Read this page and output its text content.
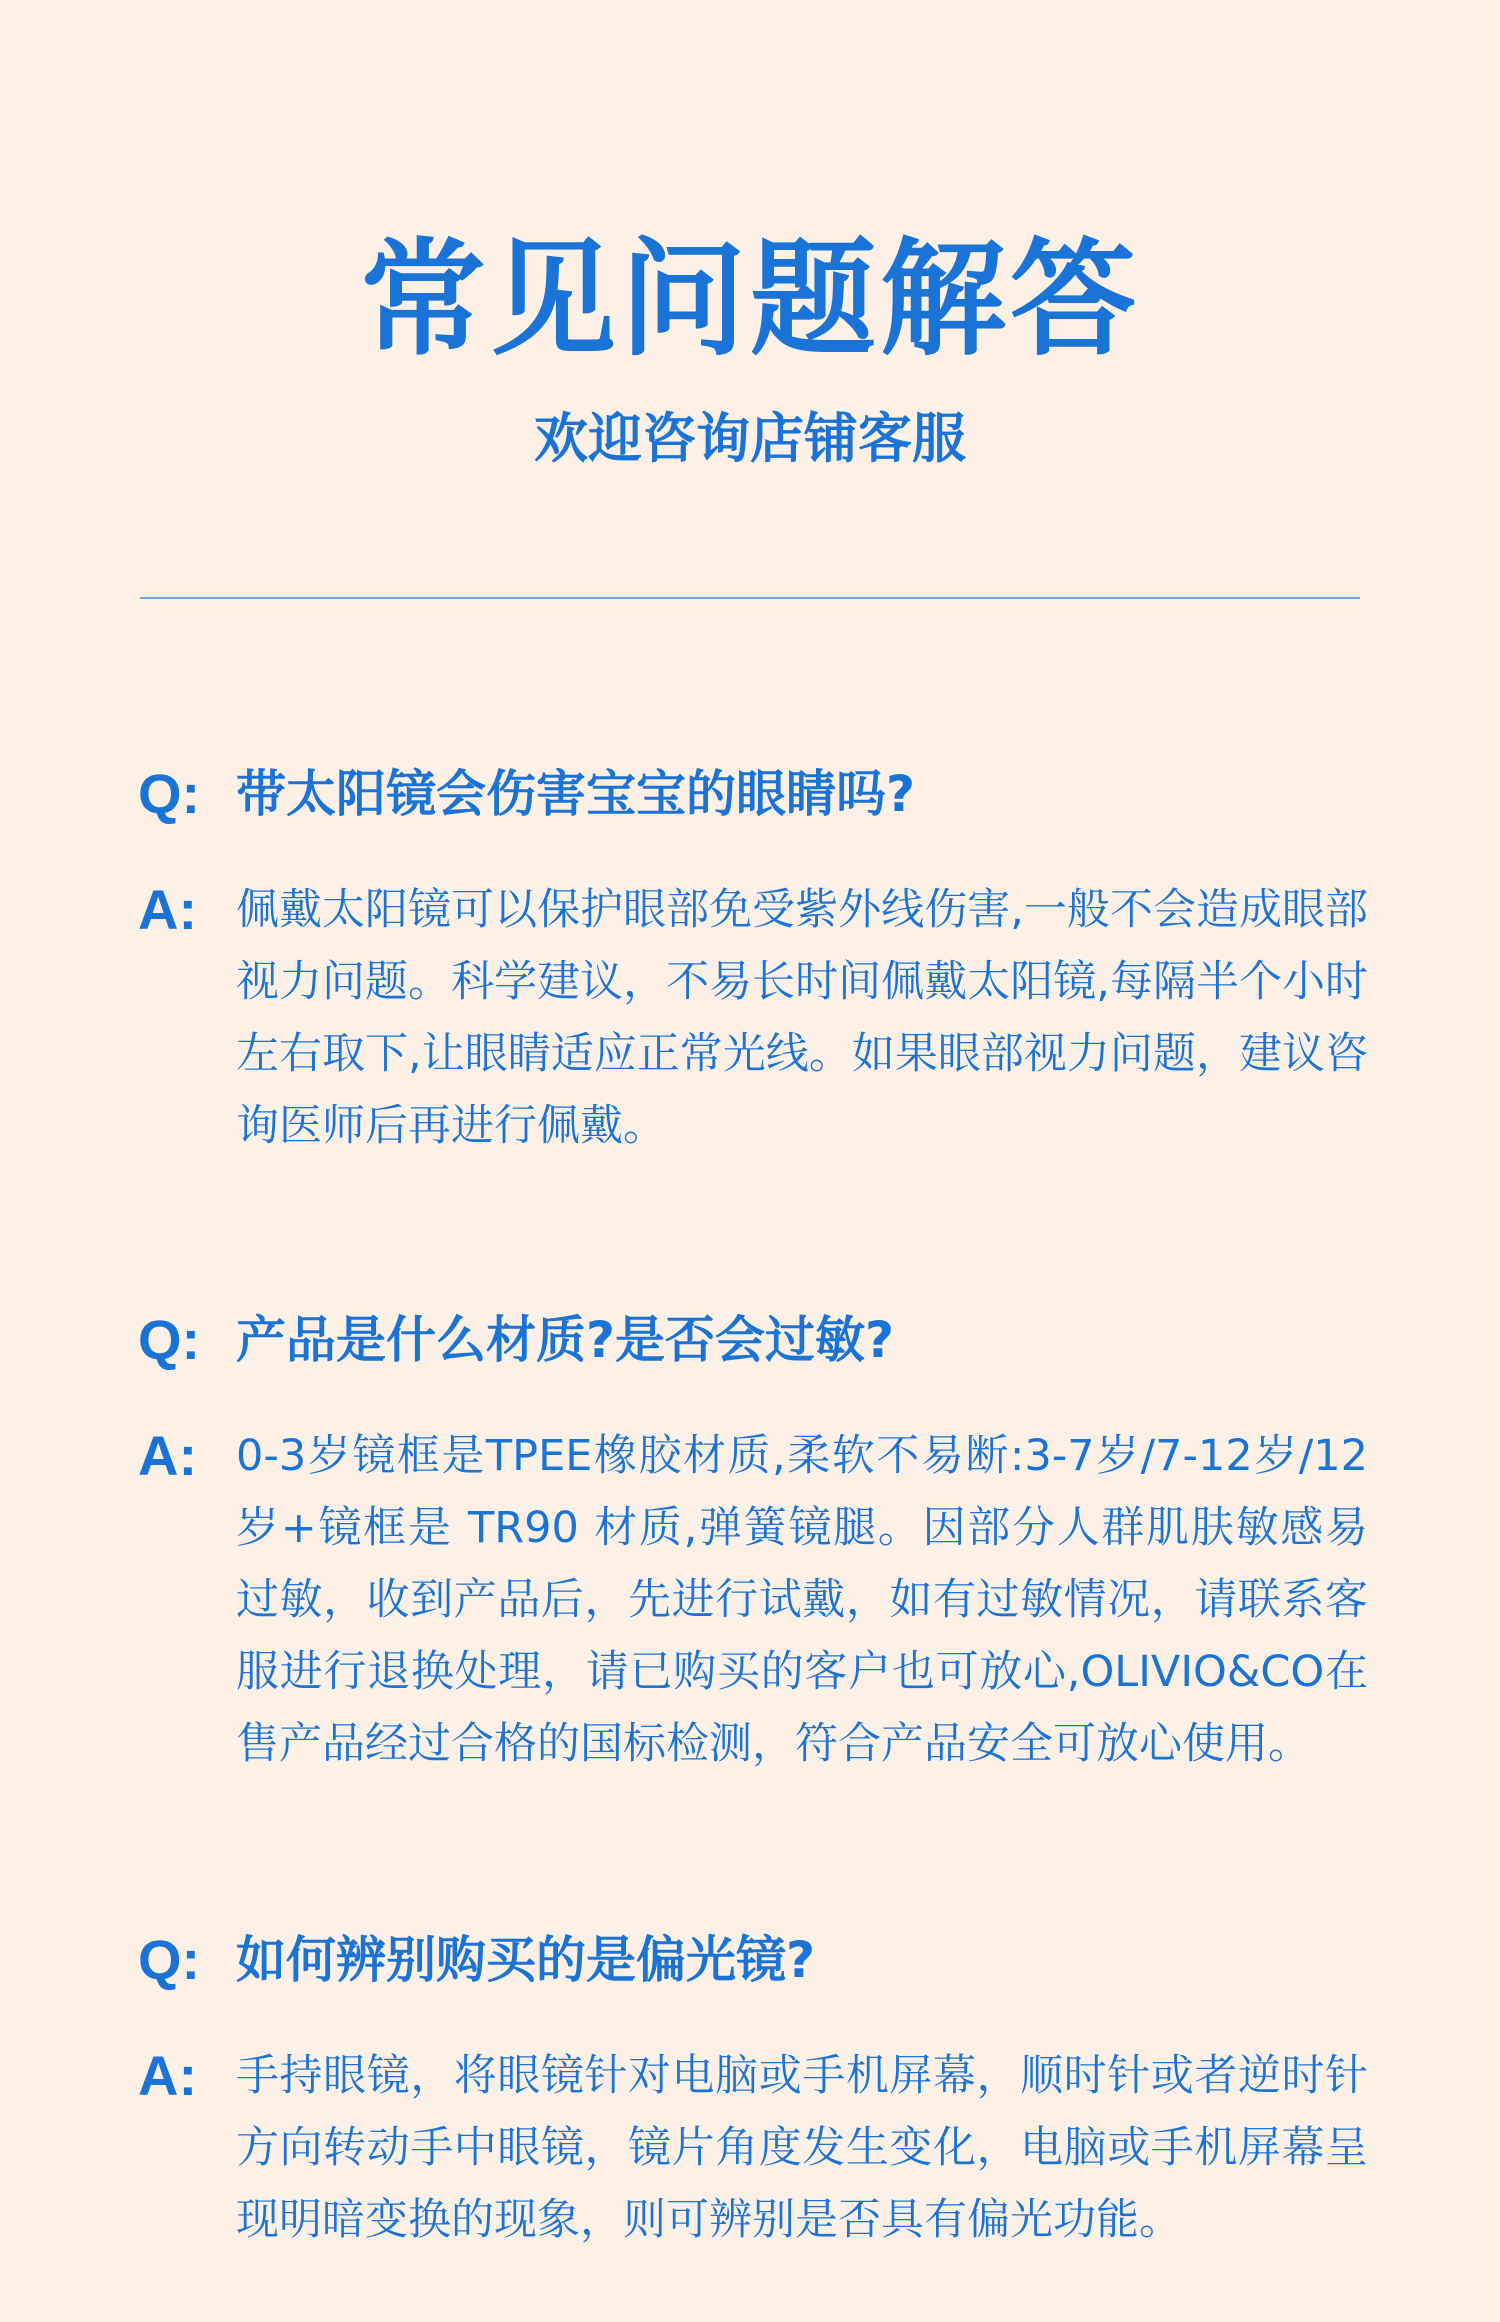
常见问题解答

欢迎咨询店铺客服

Q: 带太阳镜会伤害宝宝的眼睛吗?
A: 佩戴太阳镜可以保护眼部免受紫外线伤害,一般不会造成眼部视力问题。科学建议，不易长时间佩戴太阳镜,每隔半个小时左右取下,让眼睛适应正常光线。如果眼部视力问题，建议咨询医师后再进行佩戴。
Q: 产品是什么材质?是否会过敏?
A: 0-3岁镜框是TPEE橡胶材质,柔软不易断:3-7岁/7-12岁/12岁+镜框是 TR90 材质,弹簧镜腿。因部分人群肌肤敏感易过敏，收到产品后，先进行试戴，如有过敏情况，请联系客服进行退换处理，请已购买的客户也可放心,OLIVIO&CO在售产品经过合格的国标检测，符合产品安全可放心使用。
Q: 如何辨别购买的是偏光镜?
A: 手持眼镜，将眼镜针对电脑或手机屏幕，顺时针或者逆时针方向转动手中眼镜，镜片角度发生变化，电脑或手机屏幕呈现明暗变换的现象，则可辨别是否具有偏光功能。
